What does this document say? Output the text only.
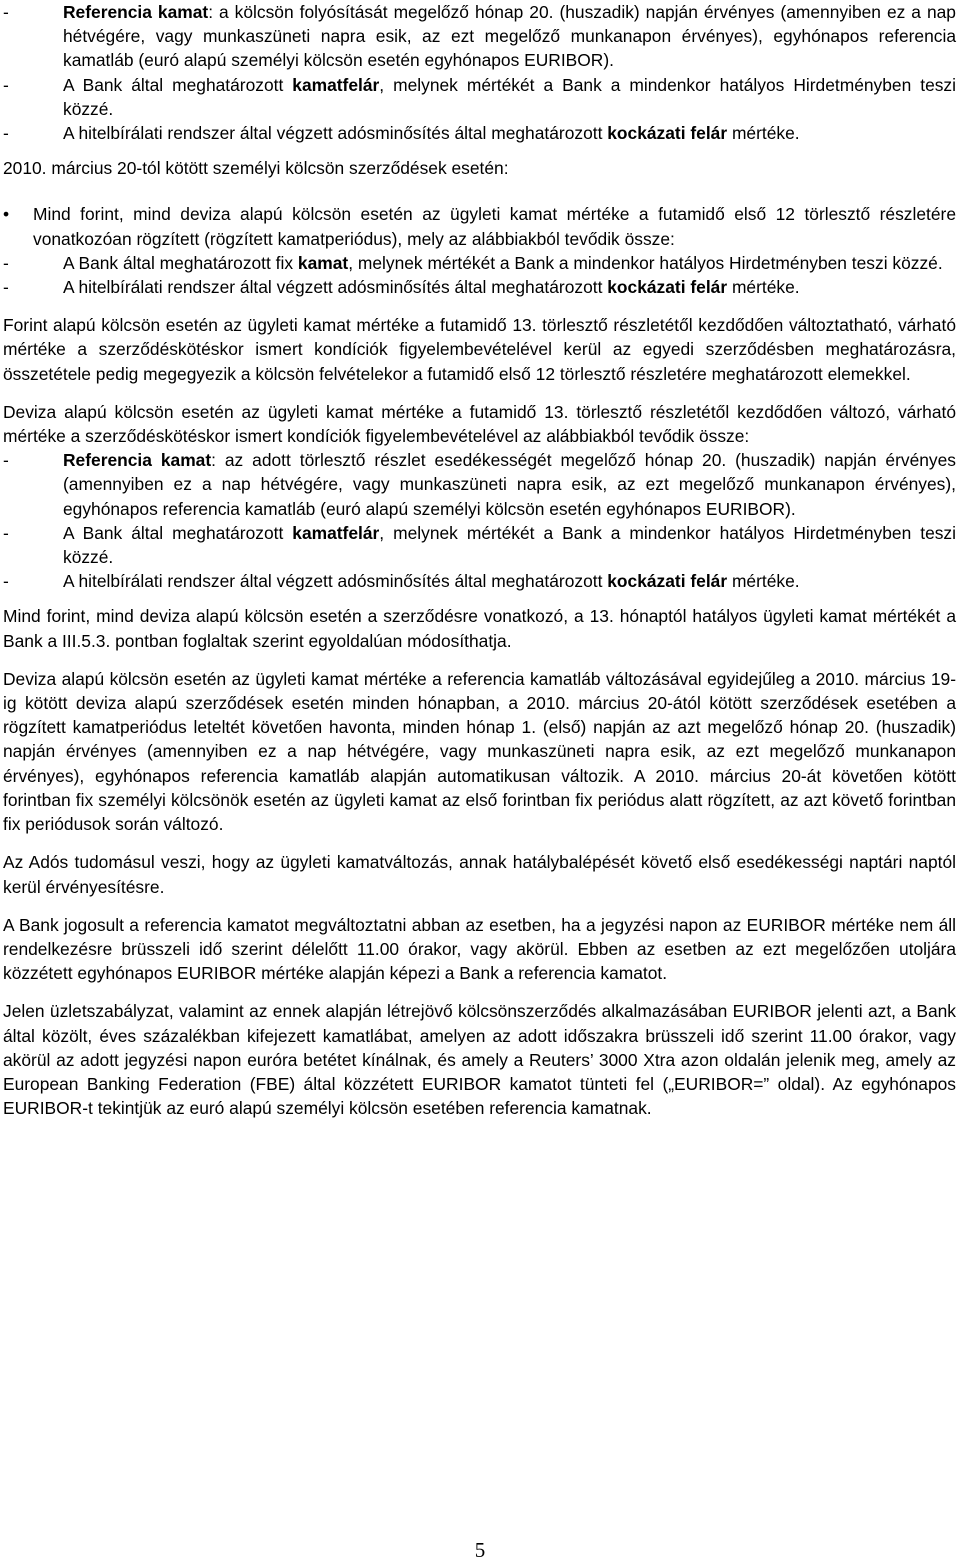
-	Referencia kamat: a kölcsön folyósítását megelőző hónap 20. (huszadik) napján érvényes (amennyiben ez a nap hétvégére, vagy munkaszüneti napra esik, az ezt megelőző munkanapon érvényes), egyhónapos referencia kamatláb (euró alapú személyi kölcsön esetén egyhónapos EURIBOR).
-	A Bank által meghatározott kamatfelár, melynek mértékét a Bank a mindenkor hatályos Hirdetményben teszi közzé.
-	A hitelbírálati rendszer által végzett adósminősítés által meghatározott kockázati felár mértéke.

2010. március 20-tól kötött személyi kölcsön szerződések esetén:

•	Mind forint, mind deviza alapú kölcsön esetén az ügyleti kamat mértéke a futamidő első 12 törlesztő részletére vonatkozóan rögzített (rögzített kamatperiódus), mely az alábbiakból tevődik össze:
-	A Bank által meghatározott fix kamat, melynek mértékét a Bank a mindenkor hatályos Hirdetményben teszi közzé.
-	A hitelbírálati rendszer által végzett adósminősítés által meghatározott kockázati felár mértéke.

Forint alapú kölcsön esetén az ügyleti kamat mértéke a futamidő 13. törlesztő részletétől kezdődően változtatható, várható mértéke a szerződéskötéskor ismert kondíciók figyelembevételével kerül az egyedi szerződésben meghatározásra, összetétele pedig megegyezik a kölcsön felvételekor a futamidő első 12 törlesztő részletére meghatározott elemekkel.

Deviza alapú kölcsön esetén az ügyleti kamat mértéke a futamidő 13. törlesztő részletétől kezdődően változó, várható mértéke a szerződéskötéskor ismert kondíciók figyelembevételével az alábbiakból tevődik össze:

-	Referencia kamat: az adott törlesztő részlet esedékességét megelőző hónap 20. (huszadik) napján érvényes (amennyiben ez a nap hétvégére, vagy munkaszüneti napra esik, az ezt megelőző munkanapon érvényes), egyhónapos referencia kamatláb (euró alapú személyi kölcsön esetén egyhónapos EURIBOR).
-	A Bank által meghatározott kamatfelár, melynek mértékét a Bank a mindenkor hatályos Hirdetményben teszi közzé.
-	A hitelbírálati rendszer által végzett adósminősítés által meghatározott kockázati felár mértéke.

Mind forint, mind deviza alapú kölcsön esetén a szerződésre vonatkozó, a 13. hónaptól hatályos ügyleti kamat mértékét a Bank a III.5.3. pontban foglaltak szerint egyoldalúan módosíthatja.

Deviza alapú kölcsön esetén az ügyleti kamat mértéke a referencia kamatláb változásával egyidejűleg a 2010. március 19-ig kötött deviza alapú szerződések esetén minden hónapban, a 2010. március 20-ától kötött szerződések esetében a rögzített kamatperiódus leteltét követően havonta, minden hónap 1. (első) napján az azt megelőző hónap 20. (huszadik) napján érvényes (amennyiben ez a nap hétvégére, vagy munkaszüneti napra esik, az ezt megelőző munkanapon érvényes), egyhónapos referencia kamatláb alapján automatikusan változik. A 2010. március 20-át követően kötött forintban fix személyi kölcsönök esetén az ügyleti kamat az első forintban fix periódus alatt rögzített, az azt követő forintban fix periódusok során változó.

Az Adós tudomásul veszi, hogy az ügyleti kamatváltozás, annak hatálybalépését követő első esedékességi naptári naptól kerül érvényesítésre.

A Bank jogosult a referencia kamatot megváltoztatni abban az esetben, ha a jegyzési napon az EURIBOR mértéke nem áll rendelkezésre brüsszeli idő szerint délelőtt 11.00 órakor, vagy akörül. Ebben az esetben az ezt megelőzően utoljára közzétett egyhónapos EURIBOR mértéke alapján képezi a Bank a referencia kamatot.

Jelen üzletszabályzat, valamint az ennek alapján létrejövő kölcsönszerződés alkalmazásában EURIBOR jelenti azt, a Bank által közölt, éves százalékban kifejezett kamatlábat, amelyen az adott időszakra brüsszeli idő szerint 11.00 órakor, vagy akörül az adott jegyzési napon euróra betétet kínálnak, és amely a Reuters’ 3000 Xtra azon oldalán jelenik meg, amely az European Banking Federation (FBE) által közzétett EURIBOR kamatot tünteti fel („EURIBOR=” oldal). Az egyhónapos EURIBOR-t tekintjük az euró alapú személyi kölcsön esetében referencia kamatnak.

5
